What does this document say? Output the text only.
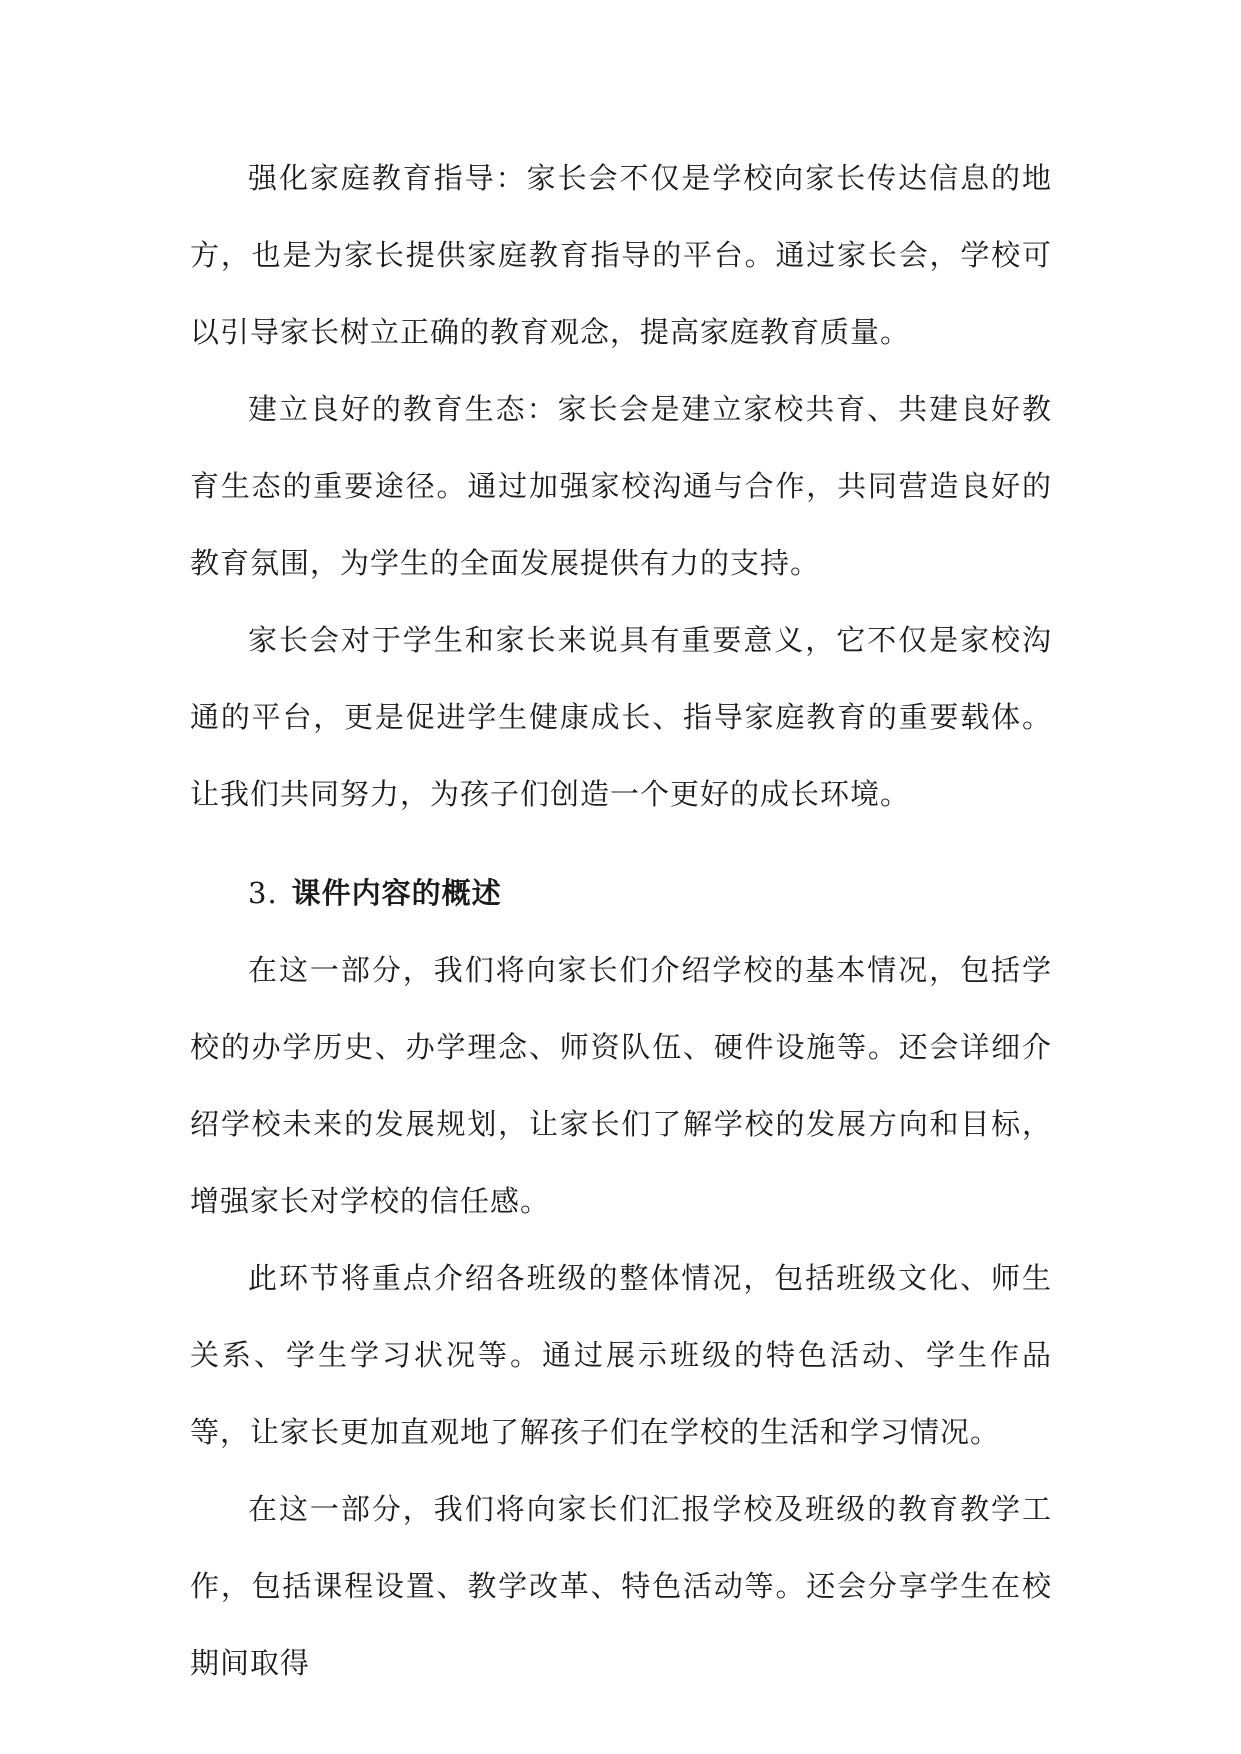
强化家庭教育指导：家长会不仅是学校向家长传达信息的地方，也是为家长提供家庭教育指导的平台。通过家长会，学校可以引导家长树立正确的教育观念，提高家庭教育质量。

建立良好的教育生态：家长会是建立家校共育、共建良好教育生态的重要途径。通过加强家校沟通与合作，共同营造良好的教育氛围，为学生的全面发展提供有力的支持。

家长会对于学生和家长来说具有重要意义，它不仅是家校沟通的平台，更是促进学生健康成长、指导家庭教育的重要载体。让我们共同努力，为孩子们创造一个更好的成长环境。

3. 课件内容的概述

在这一部分，我们将向家长们介绍学校的基本情况，包括学校的办学历史、办学理念、师资队伍、硬件设施等。还会详细介绍学校未来的发展规划，让家长们了解学校的发展方向和目标，增强家长对学校的信任感。

此环节将重点介绍各班级的整体情况，包括班级文化、师生关系、学生学习状况等。通过展示班级的特色活动、学生作品等，让家长更加直观地了解孩子们在学校的生活和学习情况。

在这一部分，我们将向家长们汇报学校及班级的教育教学工作，包括课程设置、教学改革、特色活动等。还会分享学生在校期间取得
